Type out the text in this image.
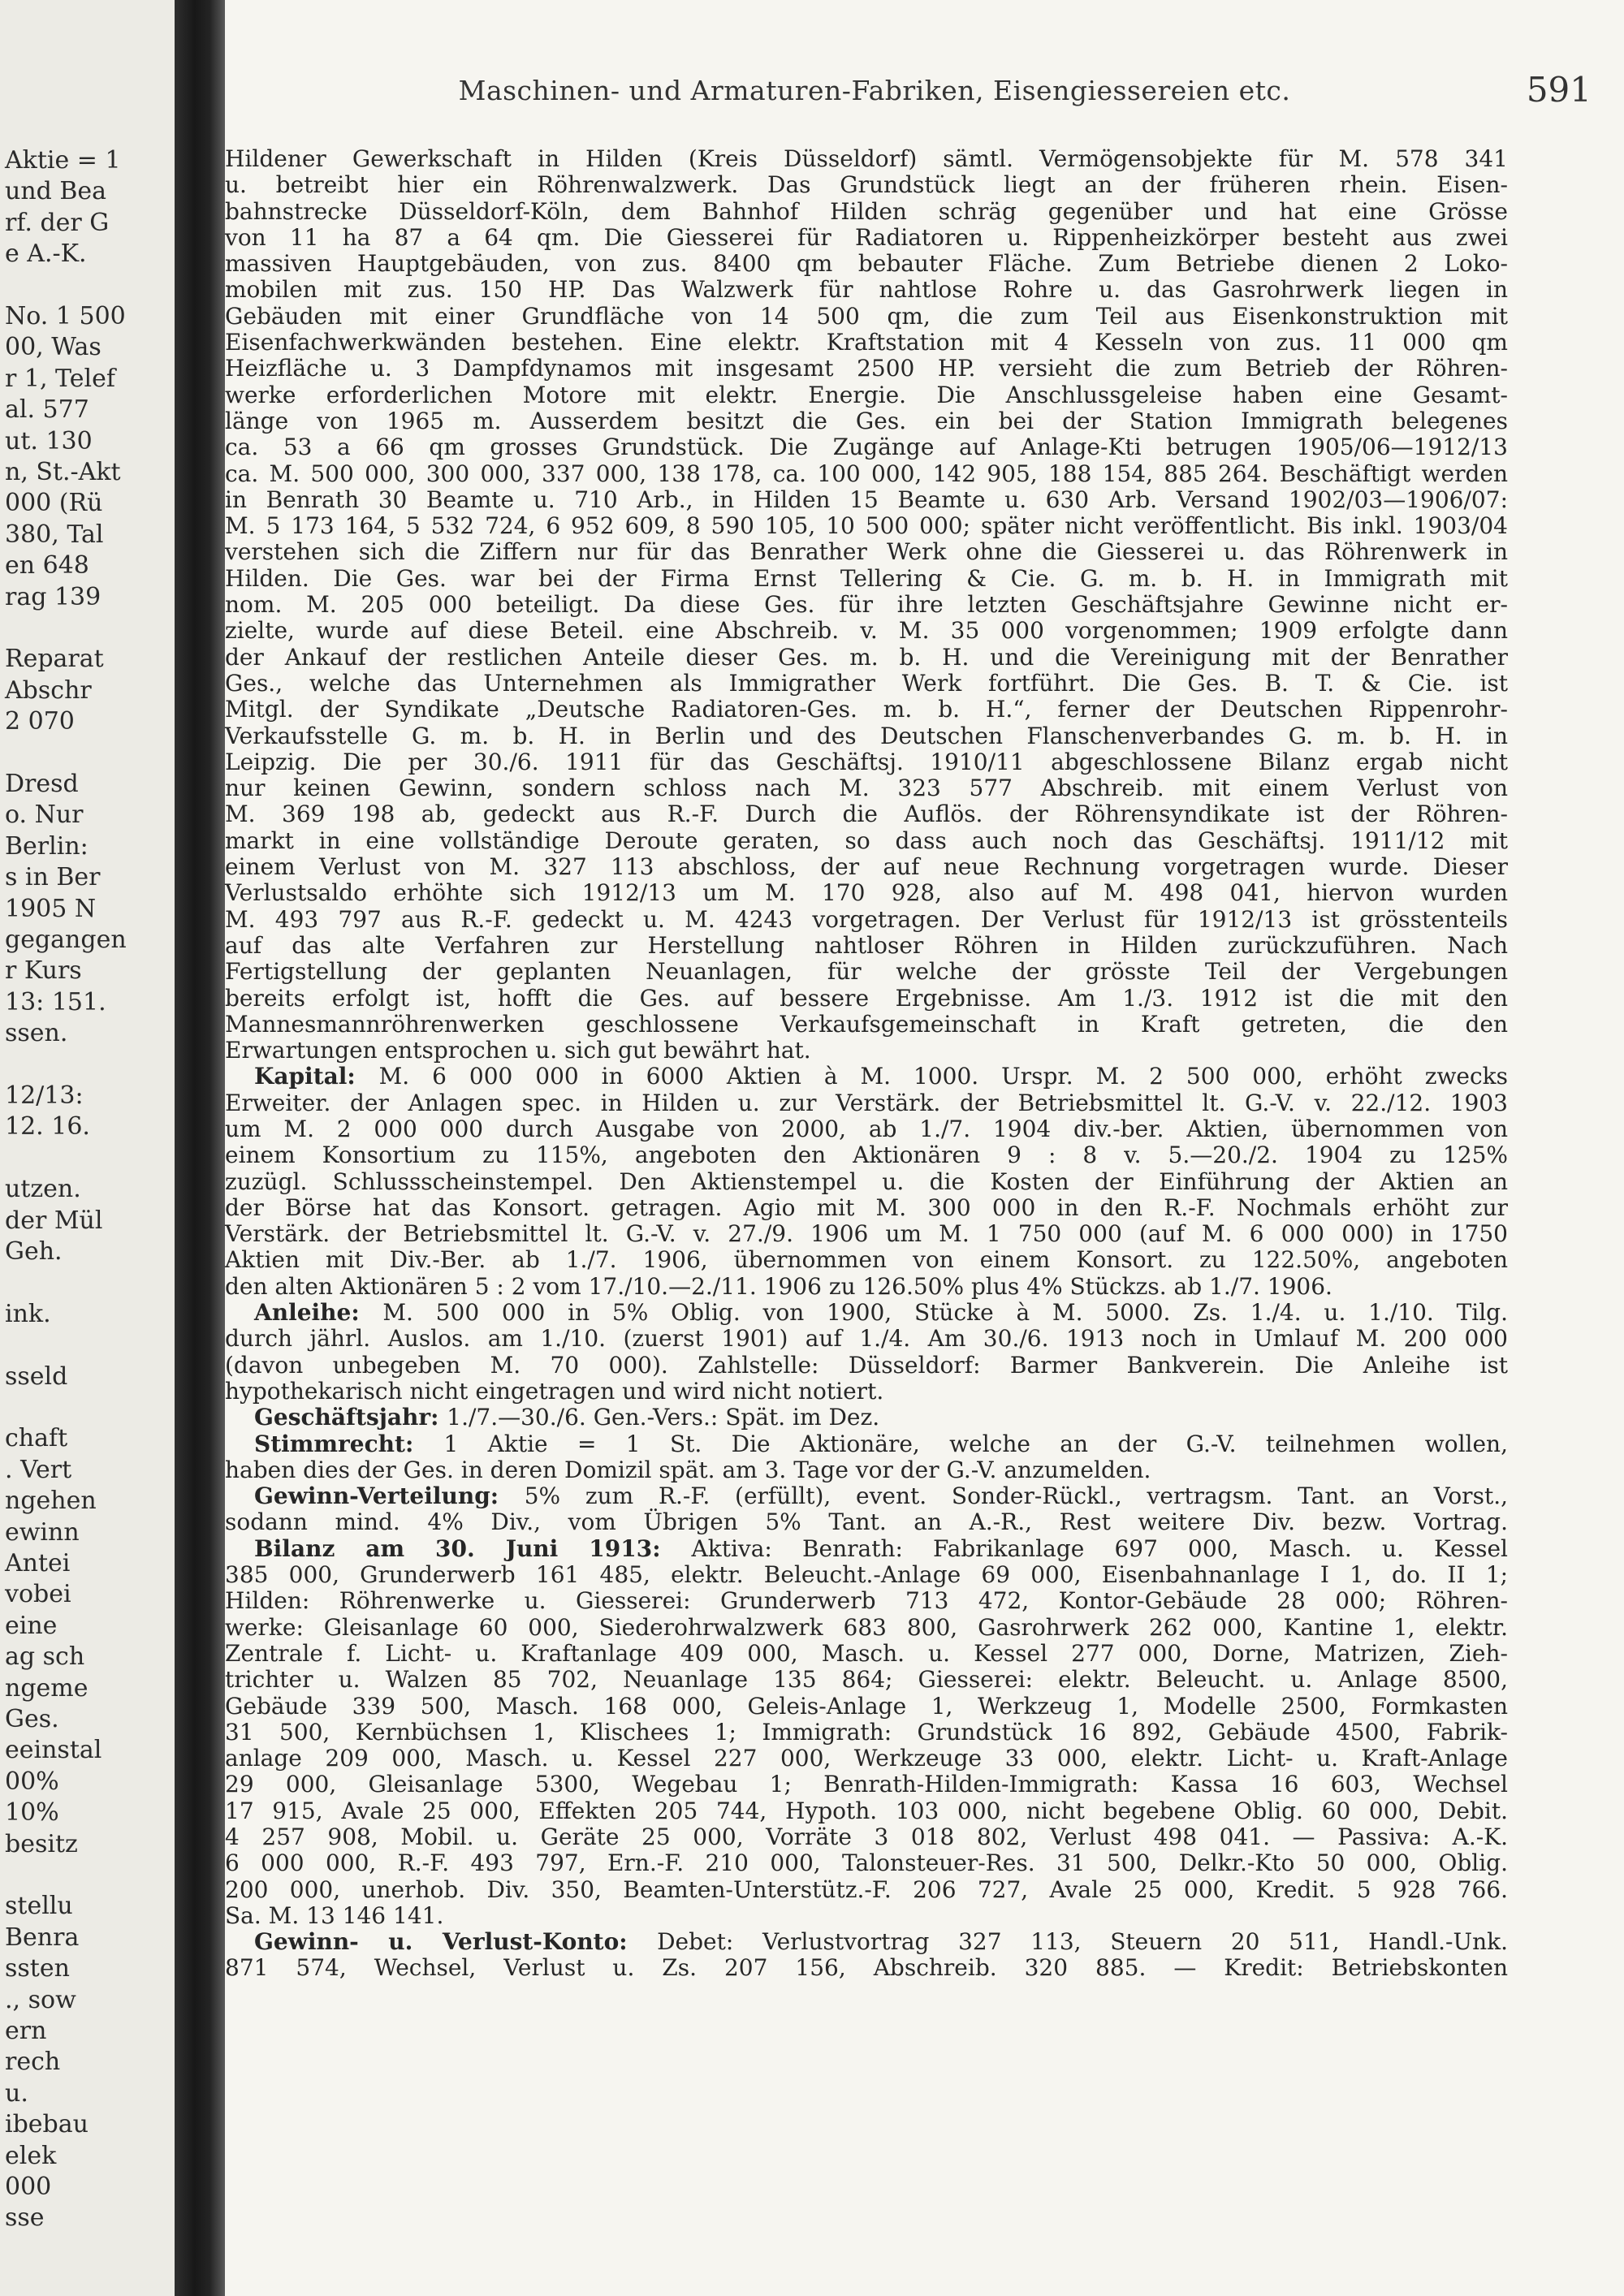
Aktie = 1
und Bea
rf. der G
e A.-K.
No. 1 500
00, Was
r 1, Telef
al. 577
ut. 130
n, St.-Akt
000 (Rü
380, Tal
en 648
rag 139
Reparat
Abschr
2 070
Dresd
o. Nur
Berlin:
s in Ber
1905 N
gegangen
r Kurs
13: 151.
ssen.
12/13:
12. 16.
utzen.
der Mül
Geh.
ink.
sseld
chaft
. Vert
ngehen
ewinn
Antei
vobei
eine
ag sch
ngeme
Ges.
eeinstal
00%
10%
besitz
stellu
Benra
ssten
., sow
ern
rech
u.
ibebau
elek
000
sse
Maschinen- und Armaturen-Fabriken, Eisengiessereien etc.	591
Hildener Gewerkschaft in Hilden (Kreis Düsseldorf) sämtl. Vermögensobjekte für M. 578 341
u. betreibt hier ein Röhrenwalzwerk. Das Grundstück liegt an der früheren rhein. Eisen-
bahnstrecke Düsseldorf-Köln, dem Bahnhof Hilden schräg gegenüber und hat eine Grösse
von 11 ha 87 a 64 qm. Die Giesserei für Radiatoren u. Rippenheizkörper besteht aus zwei
massiven Hauptgebäuden, von zus. 8400 qm bebauter Fläche. Zum Betriebe dienen 2 Loko-
mobilen mit zus. 150 HP. Das Walzwerk für nahtlose Rohre u. das Gasrohrwerk liegen in
Gebäuden mit einer Grundfläche von 14 500 qm, die zum Teil aus Eisenkonstruktion mit
Eisenfachwerkwänden bestehen. Eine elektr. Kraftstation mit 4 Kesseln von zus. 11 000 qm
Heizfläche u. 3 Dampfdynamos mit insgesamt 2500 HP. versieht die zum Betrieb der Röhren-
werke erforderlichen Motore mit elektr. Energie. Die Anschlussgeleise haben eine Gesamt-
länge von 1965 m. Ausserdem besitzt die Ges. ein bei der Station Immigrath belegenes
ca. 53 a 66 qm grosses Grundstück. Die Zugänge auf Anlage-Kti betrugen 1905/06—1912/13
ca. M. 500 000, 300 000, 337 000, 138 178, ca. 100 000, 142 905, 188 154, 885 264. Beschäftigt werden
in Benrath 30 Beamte u. 710 Arb., in Hilden 15 Beamte u. 630 Arb. Versand 1902/03—1906/07:
M. 5 173 164, 5 532 724, 6 952 609, 8 590 105, 10 500 000; später nicht veröffentlicht. Bis inkl. 1903/04
verstehen sich die Ziffern nur für das Benrather Werk ohne die Giesserei u. das Röhrenwerk in
Hilden. Die Ges. war bei der Firma Ernst Tellering & Cie. G. m. b. H. in Immigrath mit
nom. M. 205 000 beteiligt. Da diese Ges. für ihre letzten Geschäftsjahre Gewinne nicht er-
zielte, wurde auf diese Beteil. eine Abschreib. v. M. 35 000 vorgenommen; 1909 erfolgte dann
der Ankauf der restlichen Anteile dieser Ges. m. b. H. und die Vereinigung mit der Benrather
Ges., welche das Unternehmen als Immigrather Werk fortführt. Die Ges. B. T. & Cie. ist
Mitgl. der Syndikate „Deutsche Radiatoren-Ges. m. b. H.“, ferner der Deutschen Rippenrohr-
Verkaufsstelle G. m. b. H. in Berlin und des Deutschen Flanschenverbandes G. m. b. H. in
Leipzig. Die per 30./6. 1911 für das Geschäftsj. 1910/11 abgeschlossene Bilanz ergab nicht
nur keinen Gewinn, sondern schloss nach M. 323 577 Abschreib. mit einem Verlust von
M. 369 198 ab, gedeckt aus R.-F. Durch die Auflös. der Röhrensyndikate ist der Röhren-
markt in eine vollständige Deroute geraten, so dass auch noch das Geschäftsj. 1911/12 mit
einem Verlust von M. 327 113 abschloss, der auf neue Rechnung vorgetragen wurde. Dieser
Verlustsaldo erhöhte sich 1912/13 um M. 170 928, also auf M. 498 041, hiervon wurden
M. 493 797 aus R.-F. gedeckt u. M. 4243 vorgetragen. Der Verlust für 1912/13 ist grösstenteils
auf das alte Verfahren zur Herstellung nahtloser Röhren in Hilden zurückzuführen. Nach
Fertigstellung der geplanten Neuanlagen, für welche der grösste Teil der Vergebungen
bereits erfolgt ist, hofft die Ges. auf bessere Ergebnisse. Am 1./3. 1912 ist die mit den
Mannesmannröhrenwerken geschlossene Verkaufsgemeinschaft in Kraft getreten, die den
Erwartungen entsprochen u. sich gut bewährt hat.
Kapital: M. 6 000 000 in 6000 Aktien à M. 1000. Urspr. M. 2 500 000, erhöht zwecks
Erweiter. der Anlagen spec. in Hilden u. zur Verstärk. der Betriebsmittel lt. G.-V. v. 22./12. 1903
um M. 2 000 000 durch Ausgabe von 2000, ab 1./7. 1904 div.-ber. Aktien, übernommen von
einem Konsortium zu 115%, angeboten den Aktionären 9 : 8 v. 5.—20./2. 1904 zu 125%
zuzügl. Schlussscheinstempel. Den Aktienstempel u. die Kosten der Einführung der Aktien an
der Börse hat das Konsort. getragen. Agio mit M. 300 000 in den R.-F. Nochmals erhöht zur
Verstärk. der Betriebsmittel lt. G.-V. v. 27./9. 1906 um M. 1 750 000 (auf M. 6 000 000) in 1750
Aktien mit Div.-Ber. ab 1./7. 1906, übernommen von einem Konsort. zu 122.50%, angeboten
den alten Aktionären 5 : 2 vom 17./10.—2./11. 1906 zu 126.50% plus 4% Stückzs. ab 1./7. 1906.
Anleihe: M. 500 000 in 5% Oblig. von 1900, Stücke à M. 5000. Zs. 1./4. u. 1./10. Tilg.
durch jährl. Auslos. am 1./10. (zuerst 1901) auf 1./4. Am 30./6. 1913 noch in Umlauf M. 200 000
(davon unbegeben M. 70 000). Zahlstelle: Düsseldorf: Barmer Bankverein. Die Anleihe ist
hypothekarisch nicht eingetragen und wird nicht notiert.
Geschäftsjahr: 1./7.—30./6. Gen.-Vers.: Spät. im Dez.
Stimmrecht: 1 Aktie = 1 St. Die Aktionäre, welche an der G.-V. teilnehmen wollen,
haben dies der Ges. in deren Domizil spät. am 3. Tage vor der G.-V. anzumelden.
Gewinn-Verteilung: 5% zum R.-F. (erfüllt), event. Sonder-Rückl., vertragsm. Tant. an Vorst.,
sodann mind. 4% Div., vom Übrigen 5% Tant. an A.-R., Rest weitere Div. bezw. Vortrag.
Bilanz am 30. Juni 1913: Aktiva: Benrath: Fabrikanlage 697 000, Masch. u. Kessel
385 000, Grunderwerb 161 485, elektr. Beleucht.-Anlage 69 000, Eisenbahnanlage I 1, do. II 1;
Hilden: Röhrenwerke u. Giesserei: Grunderwerb 713 472, Kontor-Gebäude 28 000; Röhren-
werke: Gleisanlage 60 000, Siederohrwalzwerk 683 800, Gasrohrwerk 262 000, Kantine 1, elektr.
Zentrale f. Licht- u. Kraftanlage 409 000, Masch. u. Kessel 277 000, Dorne, Matrizen, Zieh-
trichter u. Walzen 85 702, Neuanlage 135 864; Giesserei: elektr. Beleucht. u. Anlage 8500,
Gebäude 339 500, Masch. 168 000, Geleis-Anlage 1, Werkzeug 1, Modelle 2500, Formkasten
31 500, Kernbüchsen 1, Klischees 1; Immigrath: Grundstück 16 892, Gebäude 4500, Fabrik-
anlage 209 000, Masch. u. Kessel 227 000, Werkzeuge 33 000, elektr. Licht- u. Kraft-Anlage
29 000, Gleisanlage 5300, Wegebau 1; Benrath-Hilden-Immigrath: Kassa 16 603, Wechsel
17 915, Avale 25 000, Effekten 205 744, Hypoth. 103 000, nicht begebene Oblig. 60 000, Debit.
4 257 908, Mobil. u. Geräte 25 000, Vorräte 3 018 802, Verlust 498 041. — Passiva: A.-K.
6 000 000, R.-F. 493 797, Ern.-F. 210 000, Talonsteuer-Res. 31 500, Delkr.-Kto 50 000, Oblig.
200 000, unerhob. Div. 350, Beamten-Unterstütz.-F. 206 727, Avale 25 000, Kredit. 5 928 766.
Sa. M. 13 146 141.
Gewinn- u. Verlust-Konto: Debet: Verlustvortrag 327 113, Steuern 20 511, Handl.-Unk.
871 574, Wechsel, Verlust u. Zs. 207 156, Abschreib. 320 885. — Kredit: Betriebskonten
